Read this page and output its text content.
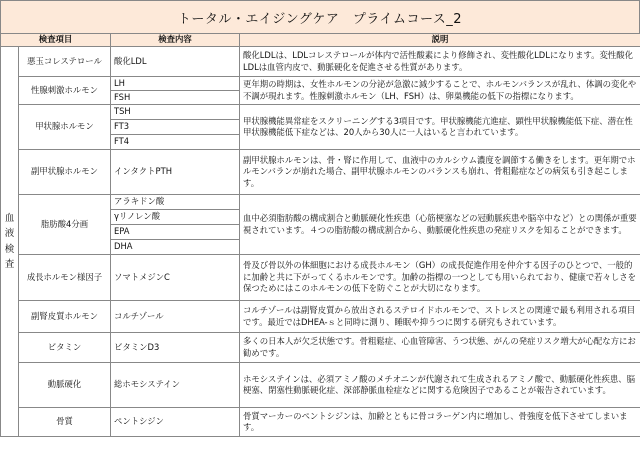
トータル・エイジングケア　プライムコース_2
検査項目		検査内容	説明
血液検査	悪玉コレステロール	酸化LDL	酸化LDLは、LDLコレステロールが体内で活性酸素により修飾され、変性酸化LDLになります。変性酸化LDLは血管内皮で、動脈硬化を促進させる性質があります。
	性腺刺激ホルモン	LH	更年期の時期は、女性ホルモンの分泌が急激に減少することで、ホルモンバランスが乱れ、体調の変化や不調が現れます。性腺刺激ホルモン（LH、FSH）は、卵巣機能の低下の指標になります。
		FSH	
	甲状腺ホルモン	TSH	甲状腺機能異常症をスクリーニングする3項目です。甲状腺機能亢進症、顕性甲状腺機能低下症、潜在性甲状腺機能低下症などは、20人から30人に一人はいると言われています。
		FT3	
		FT4	
	副甲状腺ホルモン	インタクトPTH	副甲状腺ホルモンは、骨・腎に作用して、血液中のカルシウム濃度を調節する働きをします。更年期でホルモンバランが崩れた場合、副甲状腺ホルモンのバランスも崩れ、骨粗鬆症などの病気も引き起こします。
	脂肪酸4分画	アラキドン酸	血中必須脂肪酸の構成割合と動脈硬化性疾患（心筋梗塞などの冠動脈疾患や脳卒中など）との関係が重要視されています。４つの脂肪酸の構成割合から、動脈硬化性疾患の発症リスクを知ることができます。
		γリノレン酸	
		EPA	
		DHA	
	成長ホルモン様因子	ソマトメジンC	骨及び骨以外の体細胞における成長ホルモン（GH）の成長促進作用を仲介する因子のひとつで、一般的に加齢と共に下がってくるホルモンです。加齢の指標の一つとしても用いられており、健康で若々しさを保つためにはこのホルモンの低下を防ぐことが大切になります。
	副腎皮質ホルモン	コルチゾール	コルチゾールは副腎皮質から放出されるステロイドホルモンで、ストレスとの関連で最も利用される項目です。最近ではDHEA-ｓと同時に測り、睡眠や抑うつに関する研究もされています。
	ビタミン	ビタミンD3	多くの日本人が欠乏状態です。骨粗鬆症、心血管障害、うつ状態、がんの発症リスク増大が心配な方にお勧めです。
	動脈硬化	総ホモシステイン	ホモシステインは、必須アミノ酸のメチオニンが代謝されて生成されるアミノ酸で、動脈硬化性疾患、脳梗塞、閉塞性動脈硬化症、深部静脈血栓症などに関する危険因子であることが報告されています。
	骨質	ペントシジン	骨質マーカーのペントシジンは、加齢とともに骨コラーゲン内に増加し、骨強度を低下させてしまいます。
